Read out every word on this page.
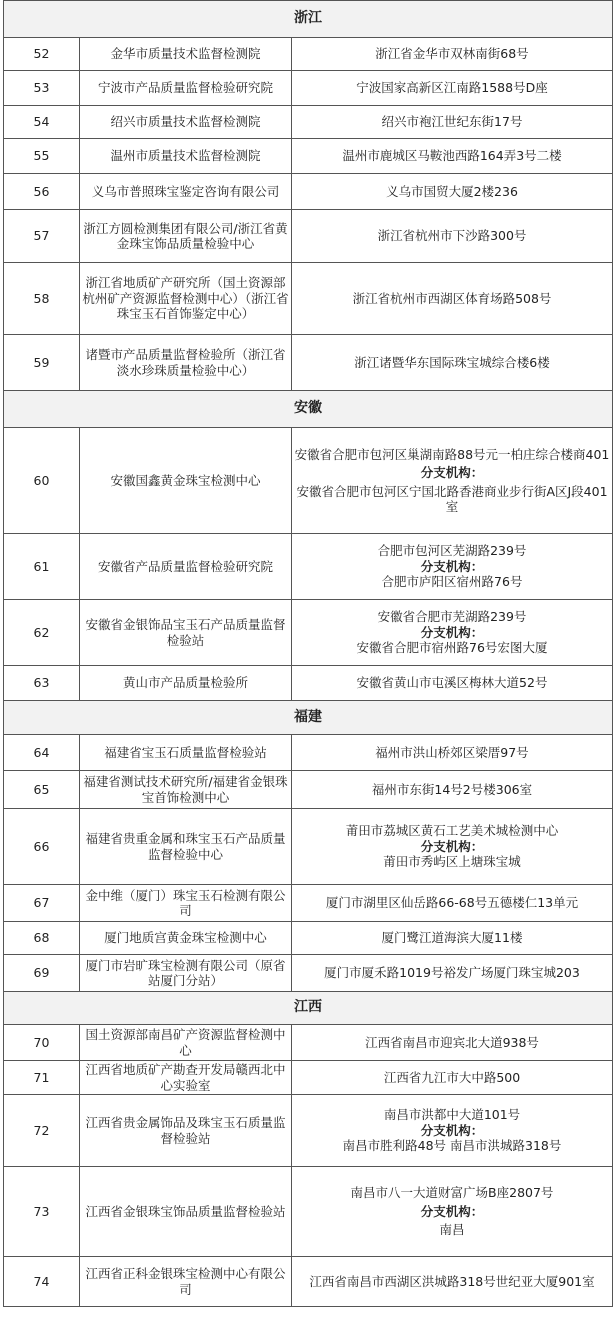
浙江		
52	金华市质量技术监督检测院	浙江省金华市双林南街68号

53	宁波市产品质量监督检验研究院	宁波国家高新区江南路1588号D座

54	绍兴市质量技术监督检测院	绍兴市袍江世纪东街17号

55	温州市质量技术监督检测院	温州市鹿城区马鞍池西路164弄3号二楼

56	义乌市普照珠宝鉴定咨询有限公司	义乌市国贸大厦2楼236

57	浙江方圆检测集团有限公司/浙江省黄金珠宝饰品质量检验中心	浙江省杭州市下沙路300号

58	浙江省地质矿产研究所（国土资源部杭州矿产资源监督检测中心）（浙江省珠宝玉石首饰鉴定中心）	浙江省杭州市西湖区体育场路508号

59	诸暨市产品质量监督检验所（浙江省淡水珍珠质量检验中心）	浙江诸暨华东国际珠宝城综合楼6楼

安徽		
60	安徽国鑫黄金珠宝检测中心	安徽省合肥市包河区巢湖南路88号元一柏庄综合楼商401
分支机构：
安徽省合肥市包河区宁国北路香港商业步行街A区J段401室

61	安徽省产品质量监督检验研究院	合肥市包河区芜湖路239号
分支机构：
合肥市庐阳区宿州路76号

62	安徽省金银饰品宝玉石产品质量监督检验站	安徽省合肥市芜湖路239号
分支机构：
安徽省合肥市宿州路76号宏图大厦

63	黄山市产品质量检验所	安徽省黄山市屯溪区梅林大道52号

福建		
64	福建省宝玉石质量监督检验站	福州市洪山桥郊区梁厝97号

65	福建省测试技术研究所/福建省金银珠宝首饰检测中心	福州市东街14号2号楼306室

66	福建省贵重金属和珠宝玉石产品质量监督检验中心	莆田市荔城区黄石工艺美术城检测中心
分支机构：
莆田市秀屿区上塘珠宝城

67	金中维（厦门）珠宝玉石检测有限公司	厦门市湖里区仙岳路66-68号五德楼仁13单元

68	厦门地质宫黄金珠宝检测中心	厦门鹭江道海滨大厦11楼

69	厦门市岩旷珠宝检测有限公司（原省站厦门分站）	厦门市厦禾路1019号裕发广场厦门珠宝城203

江西		
70	国土资源部南昌矿产资源监督检测中心	江西省南昌市迎宾北大道938号

71	江西省地质矿产勘查开发局赣西北中心实验室	江西省九江市大中路500

72	江西省贵金属饰品及珠宝玉石质量监督检验站	南昌市洪都中大道101号
分支机构：
南昌市胜利路48号 南昌市洪城路318号

73	江西省金银珠宝饰品质量监督检验站	南昌市八一大道财富广场B座2807号
分支机构：
南昌

74	江西省正科金银珠宝检测中心有限公司	江西省南昌市西湖区洪城路318号世纪亚大厦901室
